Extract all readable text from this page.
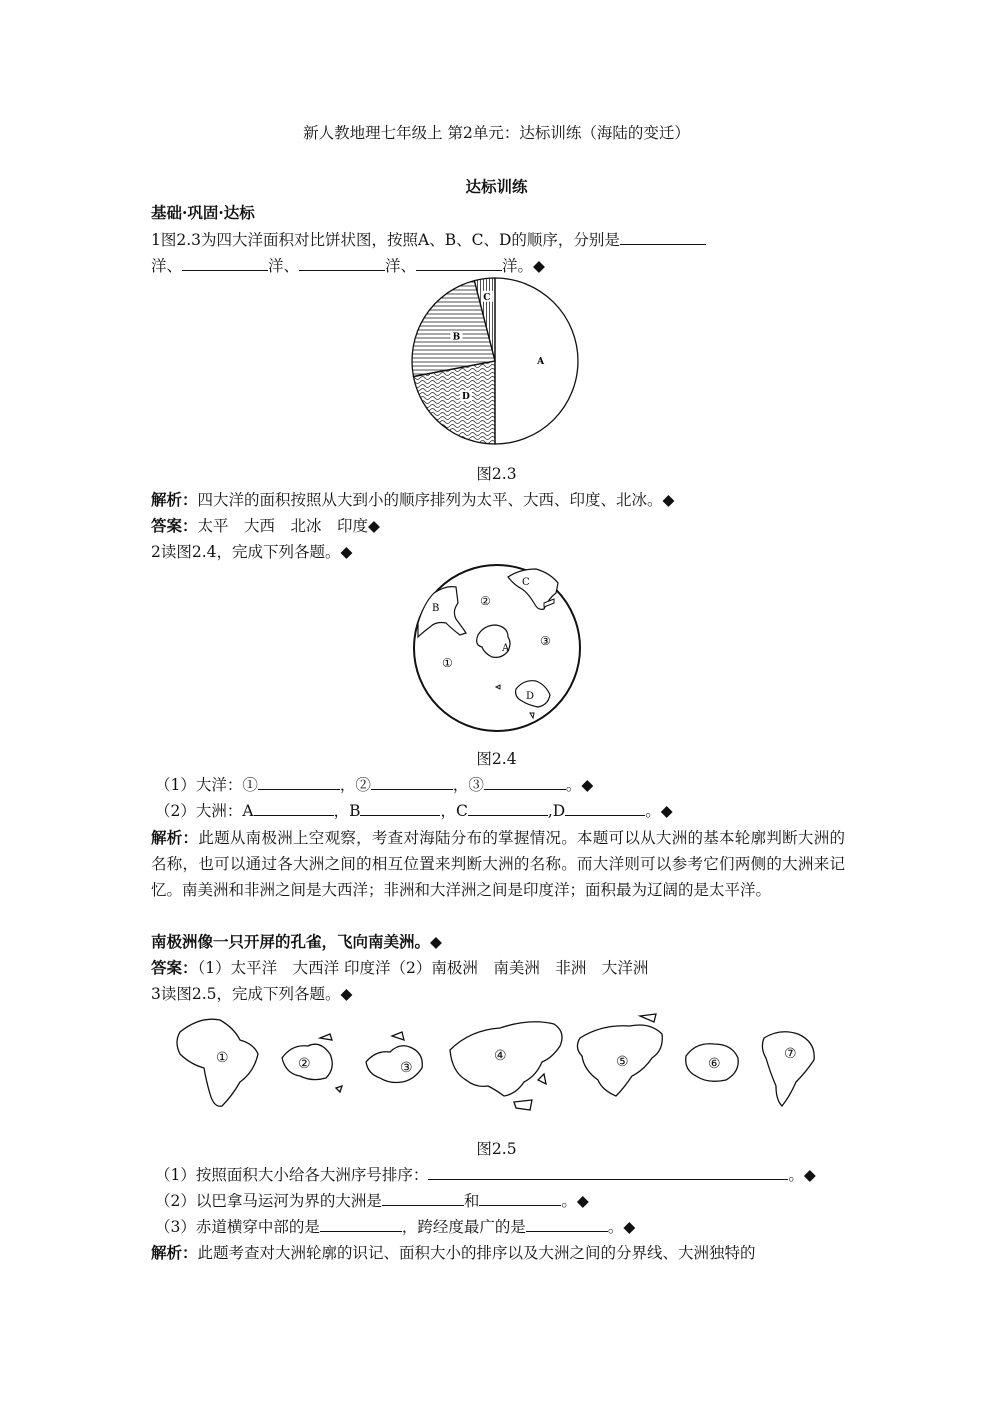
新人教地理七年级上 第2单元：达标训练（海陆的变迁）
达标训练
基础·巩固·达标
1图2.3为四大洋面积对比饼状图，按照A、B、C、D的顺序，分别是
洋、	洋、	洋、	洋。◆
A
D
B
C
图2.3
解析：四大洋的面积按照从大到小的顺序排列为太平、大西、印度、北冰。◆
答案：太平　大西　北冰　印度◆
2读图2.4，完成下列各题。◆
B
C
A
D
①
②
③
图2.4
（1）大洋：①	，②	，③	。◆
（2）大洲：A	，B	，C	,D	。◆
解析：此题从南极洲上空观察，考查对海陆分布的掌握情况。本题可以从大洲的基本轮廓判断大洲的名称，也可以通过各大洲之间的相互位置来判断大洲的名称。而大洋则可以参考它们两侧的大洲来记忆。南美洲和非洲之间是大西洋；非洲和大洋洲之间是印度洋；面积最为辽阔的是太平洋。
南极洲像一只开屏的孔雀，飞向南美洲。◆
答案：（1）太平洋　大西洋 印度洋（2）南极洲　南美洲　非洲　大洋洲
3读图2.5，完成下列各题。◆
①	②	③
④	⑤	⑥
⑦
图2.5
（1）按照面积大小给各大洲序号排序：	。◆
（2）以巴拿马运河为界的大洲是	和	。◆
（3）赤道横穿中部的是	，跨经度最广的是	。◆
解析：此题考查对大洲轮廓的识记、面积大小的排序以及大洲之间的分界线、大洲独特的
